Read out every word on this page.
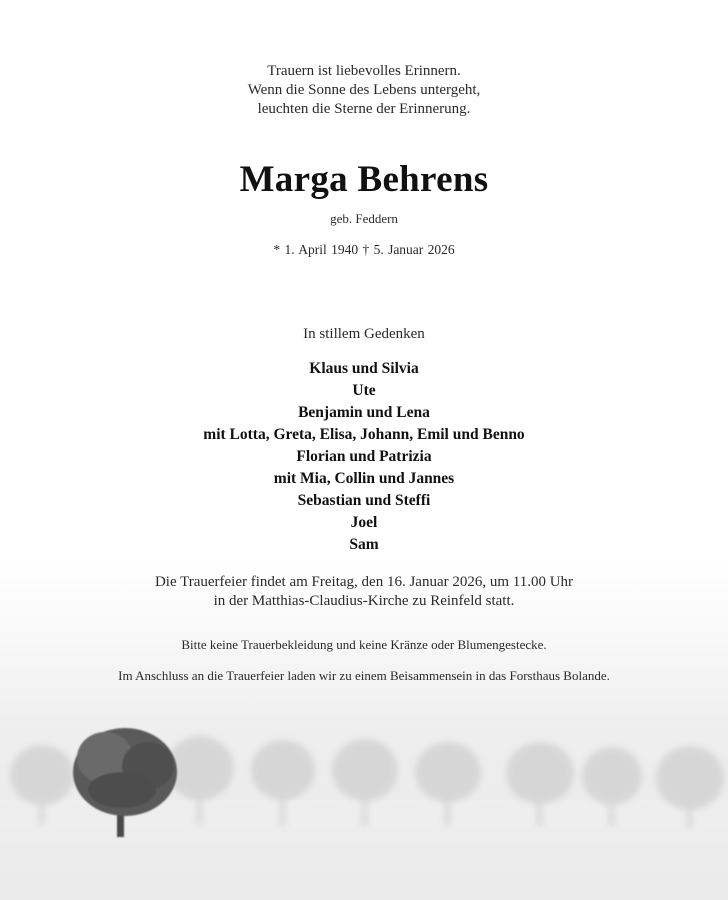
Trauern ist liebevolles Erinnern.
Wenn die Sonne des Lebens untergeht,
leuchten die Sterne der Erinnerung.
Marga Behrens
geb. Feddern
* 1. April 1940 † 5. Januar 2026
In stillem Gedenken
Klaus und Silvia
Ute
Benjamin und Lena
mit Lotta, Greta, Elisa, Johann, Emil und Benno
Florian und Patrizia
mit Mia, Collin und Jannes
Sebastian und Steffi
Joel
Sam
Die Trauerfeier findet am Freitag, den 16. Januar 2026, um 11.00 Uhr
in der Matthias-Claudius-Kirche zu Reinfeld statt.
Bitte keine Trauerbekleidung und keine Kränze oder Blumengestecke.
Im Anschluss an die Trauerfeier laden wir zu einem Beisammensein in das Forsthaus Bolande.
